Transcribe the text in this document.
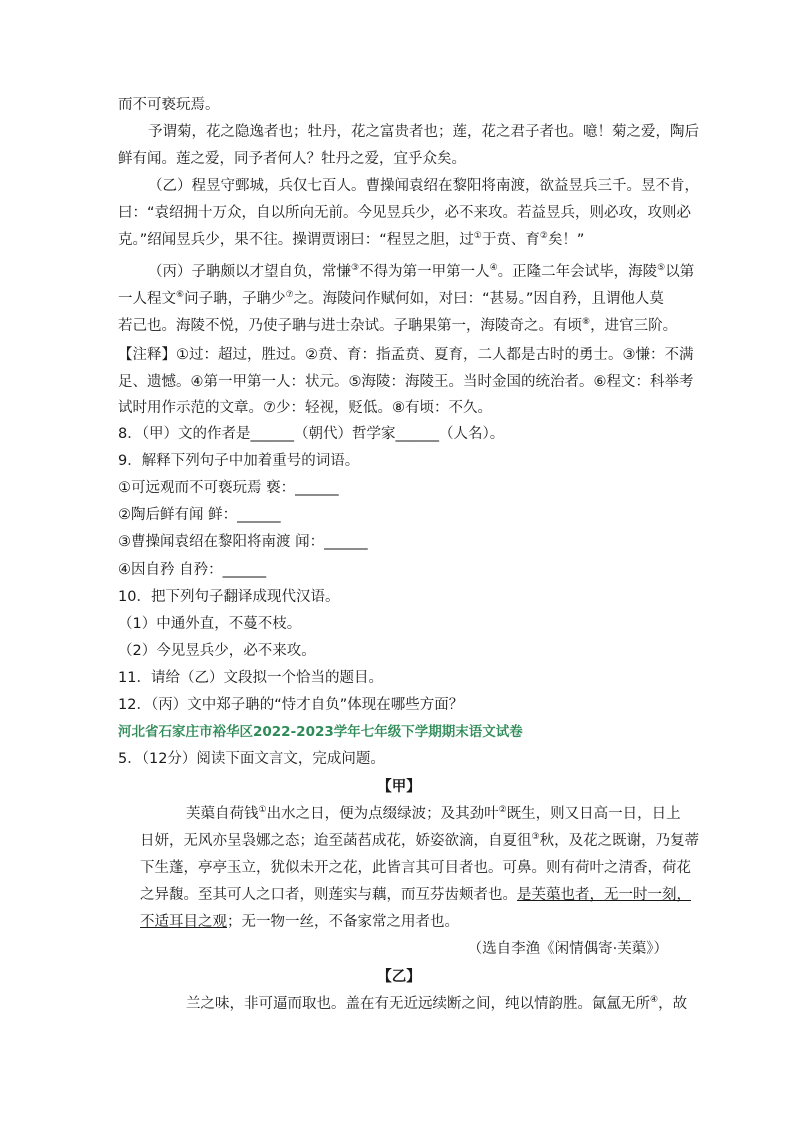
而不可亵玩焉。
予谓菊，花之隐逸者也；牡丹，花之富贵者也；莲，花之君子者也。噫！菊之爱，陶后
鲜有闻。莲之爱，同予者何人？牡丹之爱，宜乎众矣。
（乙）程昱守鄄城，兵仅七百人。曹操闻袁绍在黎阳将南渡，欲益昱兵三千。昱不肯，
曰：“袁绍拥十万众，自以所向无前。今见昱兵少，必不来攻。若益昱兵，则必攻，攻则必
克。”绍闻昱兵少，果不往。操谓贾诩曰：“程昱之胆，过①于贲、育②矣！”
（丙）子聃颇以才望自负，常慊③不得为第一甲第一人④。正隆二年会试毕，海陵⑤以第
一人程文⑥问子聃，子聃少⑦之。海陵问作赋何如，对曰：“甚易。”因自矜，且谓他人莫
若己也。海陵不悦，乃使子聃与进士杂试。子聃果第一，海陵奇之。有顷⑧，进官三阶。
【注释】①过：超过，胜过。②贲、育：指孟贲、夏育，二人都是古时的勇士。③慊：不满
足、遗憾。④第一甲第一人：状元。⑤海陵：海陵王。当时金国的统治者。⑥程文：科举考
试时用作示范的文章。⑦少：轻视，贬低。⑧有顷：不久。
8．（甲）文的作者是______（朝代）哲学家______（人名）。
9．解释下列句子中加着重号的词语。
①可远观而不可亵玩焉 亵：______
②陶后鲜有闻 鲜：______
③曹操闻袁绍在黎阳将南渡 闻：______
④因自矜 自矜：______
10．把下列句子翻译成现代汉语。
（1）中通外直，不蔓不枝。
（2）今见昱兵少，必不来攻。
11．请给（乙）文段拟一个恰当的题目。
12．（丙）文中郑子聃的“恃才自负”体现在哪些方面？
河北省石家庄市裕华区2022-2023学年七年级下学期期末语文试卷
5．（12分）阅读下面文言文，完成问题。
【甲】
芙蕖自荷钱①出水之日，便为点缀绿波；及其劲叶②既生，则又日高一日，日上
日妍，无风亦呈袅娜之态；迨至菡萏成花，娇姿欲滴，自夏徂③秋，及花之既谢，乃复蒂
下生蓬，亭亭玉立，犹似未开之花，此皆言其可目者也。可鼻。则有荷叶之清香，荷花
之异馥。至其可人之口者，则莲实与藕，而互芬齿颊者也。是芙蕖也者，无一时一刻，
不适耳目之观；无一物一丝，不备家常之用者也。
（选自李渔《闲情偶寄·芙蕖》）
【乙】
兰之味，非可逼而取也。盖在有无近远续断之间，纯以情韵胜。氤氲无所④，故
